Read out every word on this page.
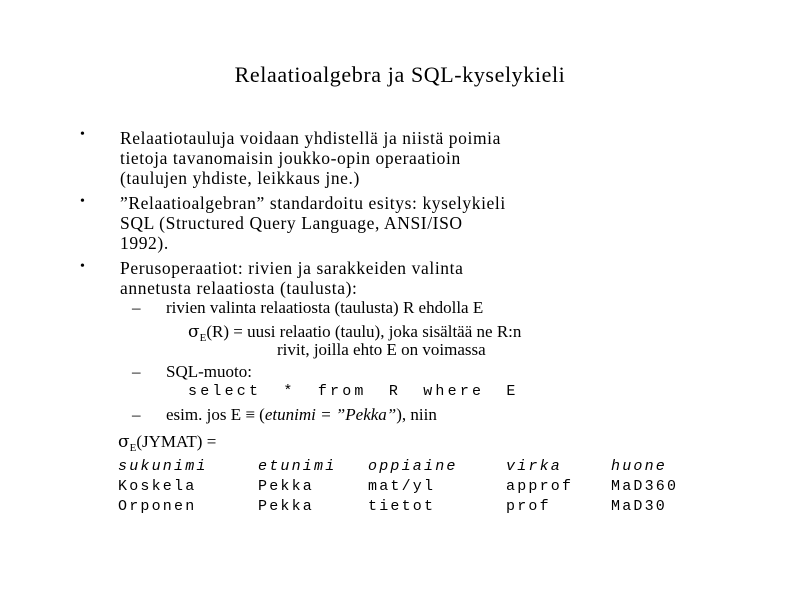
Relaatioalgebra ja SQL-kyselykieli
• Relaatiotauluja voidaan yhdistellä ja niistä poimia
tietoja tavanomaisin joukko-opin operaatioin
(taulujen yhdiste, leikkaus jne.)
• ”Relaatioalgebran” standardoitu esitys: kyselykieli
SQL (Structured Query Language, ANSI/ISO
1992).
• Perusoperaatiot: rivien ja sarakkeiden valinta
annetusta relaatiosta (taulusta):
– rivien valinta relaatiosta (taulusta) R ehdolla E
$\sigma_E(R)$ = uusi relaatio (taulu), joka sisältää ne R:n
rivit, joilla ehto E on voimassa
– SQL-muoto:
select * from R where E
– esim. jos E ≡ (etunimi = ”Pekka”), niin
$\sigma_E(JYMAT)$ =
sukunimi	etunimi	oppiaine	virka	huone
Koskela	Pekka	mat/yl	approf	MaD360
Orponen	Pekka	tietot	prof	MaD30
